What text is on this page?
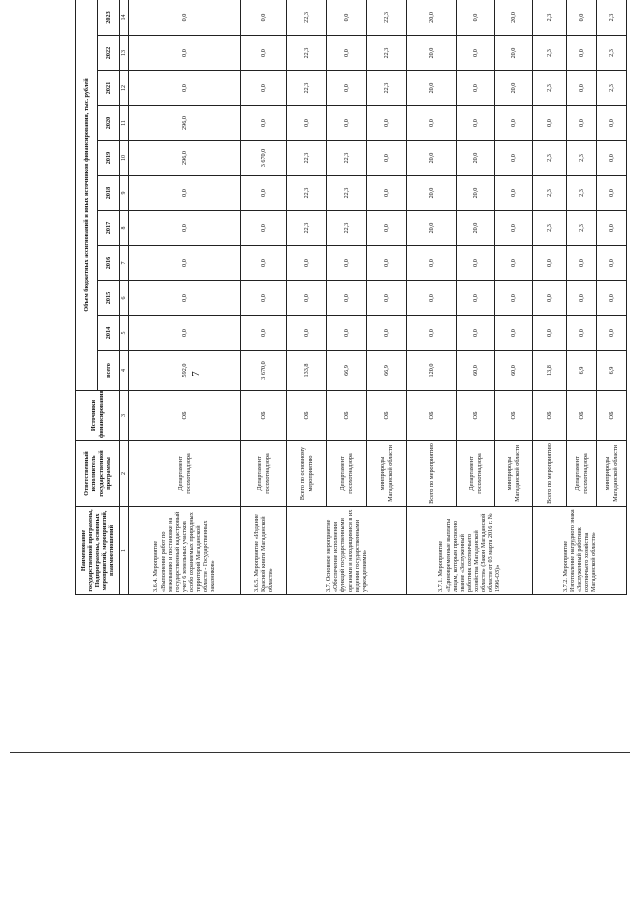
7
Наименование государственной программы, Подпрограммы, основных мероприятий, мероприятий, взаимоотношений	Ответственный исполнитель государственной программы	Источники финансирования	Объем бюджетных ассигнований и иных источников финансирования, тыс. рублей										
			всего	2014	2015	2016	2017	2018	2019	2020	2021	2022	2023
1	2	3	4	5	6	7	8	9	10	11	12	13	14
3.6.4. Мероприятие «Выполнение работ по межеванию и постановке на государственный кадастровый учет 6 земельных участков особо охраняемых природных территорий Магаданской области - Государственных заказников»	Департамент госохотнадзора	ОБ	592,0	0,0	0,0	0,0	0,0	0,0	296,0	296,0	0,0	0,0	0,0
3.6.5. Мероприятие «Издание Красной книги Магаданской области»	Департамент госохотнадзора	ОБ	3 670,0	0,0	0,0	0,0	0,0	0,0	3 670,0	0,0	0,0	0,0	0,0
3.7. Основное мероприятие «Обеспечение исполнения функций государственными органами и находящимися в их ведении государственными учреждениями»	Всего по основному мероприятию	ОБ	133,8	0,0	0,0	0,0	22,3	22,3	22,3	0,0	22,3	22,3	22,3
	Департамент госохотнадзора	ОБ	66,9	0,0	0,0	0,0	22,3	22,3	22,3	0,0	0,0	0,0	0,0
	минприроды Магаданской области	ОБ	66,9	0,0	0,0	0,0	0,0	0,0	0,0	0,0	22,3	22,3	22,3
3.7.1. Мероприятие «Единовременные выплаты лицам, которым присвоено звание «Заслуженный работник охотничьего хозяйства Магаданской области» (Закон Магаданской области от 03 марта 2016 г. № 1996-ОЗ)»	Всего по мероприятию	ОБ	120,0	0,0	0,0	0,0	20,0	20,0	20,0	0,0	20,0	20,0	20,0
	Департамент госохотнадзора	ОБ	60,0	0,0	0,0	0,0	20,0	20,0	20,0	0,0	0,0	0,0	0,0
	минприроды Магаданской области	ОБ	60,0	0,0	0,0	0,0	0,0	0,0	0,0	0,0	20,0	20,0	20,0
3.7.2. Мероприятие Изготовление нагрудного знака «Заслуженный работник охотничьего хозяйства Магаданской области»	Всего по мероприятию	ОБ	13,8	0,0	0,0	0,0	2,3	2,3	2,3	0,0	2,3	2,3	2,3
	Департамент госохотнадзора	ОБ	6,9	0,0	0,0	0,0	2,3	2,3	2,3	0,0	0,0	0,0	0,0
	минприроды Магаданской области	ОБ	6,9	0,0	0,0	0,0	0,0	0,0	0,0	0,0	2,3	2,3	2,3
